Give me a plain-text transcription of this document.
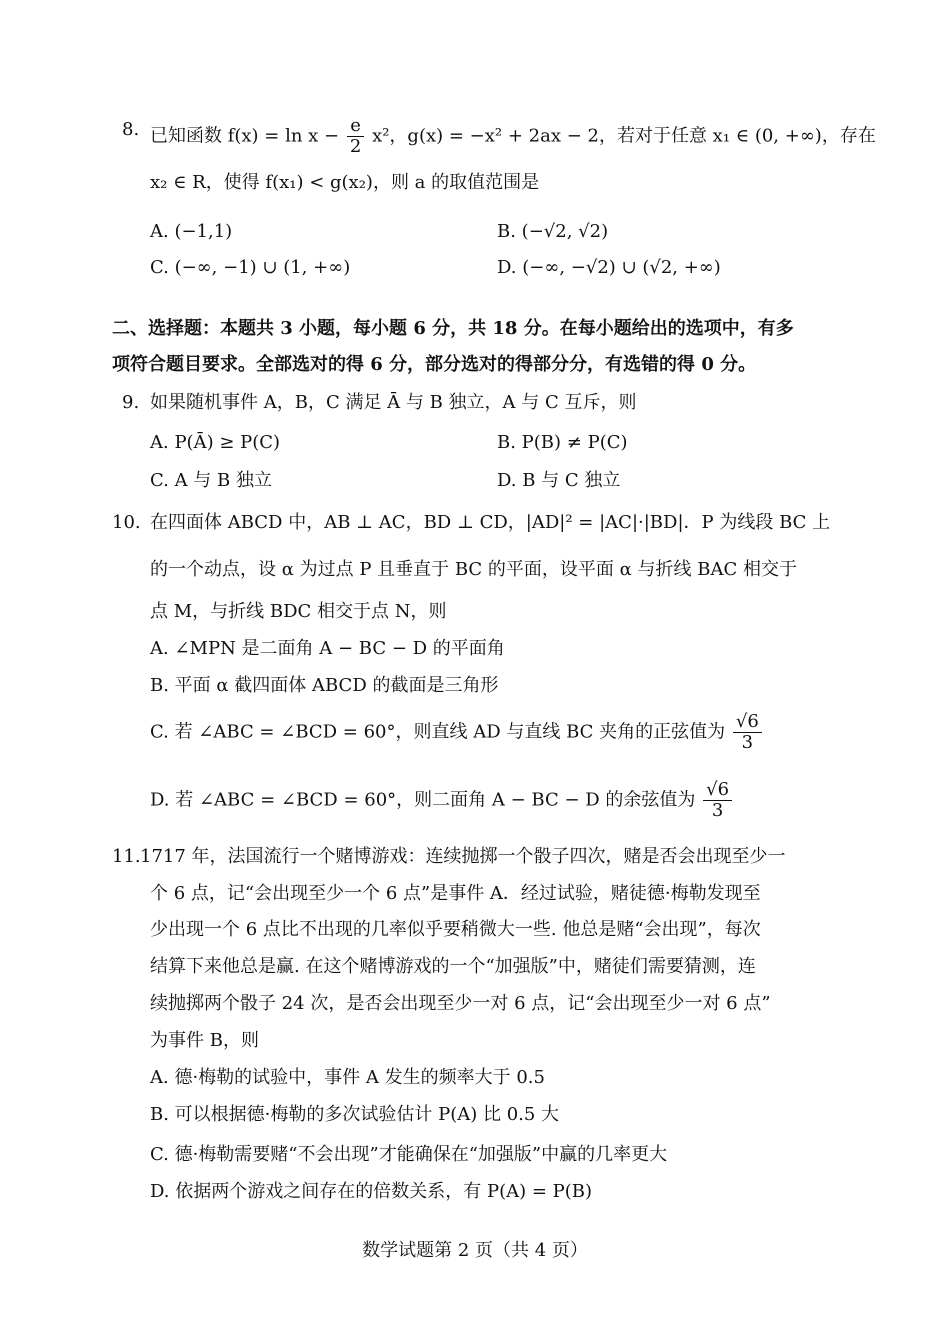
8. 已知函数 $f(x) = \ln x - \frac{e}{2} x^2$，g(x) = −x² + 2ax − 2，若对于任意 x₁ ∈ (0, +∞)，存在
x₂ ∈ R，使得 f(x₁) < g(x₂)，则 a 的取值范围是
A. (−1,1)	B. (−√2, √2)
C. (−∞, −1) ∪ (1, +∞)	D. (−∞, −√2) ∪ (√2, +∞)
二、选择题：本题共 3 小题，每小题 6 分，共 18 分。在每小题给出的选项中，有多
项符合题目要求。全部选对的得 6 分，部分选对的得部分分，有选错的得 0 分。
9. 如果随机事件 A，B，C 满足 Ā 与 B 独立，A 与 C 互斥，则
A. P(Ā) ≥ P(C)	B. P(B) ≠ P(C)
C. A 与 B 独立	D. B 与 C 独立
10. 在四面体 ABCD 中，AB ⊥ AC，BD ⊥ CD，|AD|² = |AC|·|BD|．P 为线段 BC 上
的一个动点，设 α 为过点 P 且垂直于 BC 的平面，设平面 α 与折线 BAC 相交于
点 M，与折线 BDC 相交于点 N，则
A. ∠MPN 是二面角 A − BC − D 的平面角
B. 平面 α 截四面体 ABCD 的截面是三角形
C. 若 ∠ABC = ∠BCD = 60°，则直线 AD 与直线 BC 夹角的正弦值为 $\frac{√6}{3}$
D. 若 ∠ABC = ∠BCD = 60°，则二面角 A − BC − D 的余弦值为 $\frac{√6}{3}$
11. 1717 年，法国流行一个赌博游戏：连续抛掷一个骰子四次，赌是否会出现至少一
个 6 点，记“会出现至少一个 6 点”是事件 A．经过试验，赌徒德·梅勒发现至
少出现一个 6 点比不出现的几率似乎要稍微大一些. 他总是赌“会出现”，每次
结算下来他总是赢. 在这个赌博游戏的一个“加强版”中，赌徒们需要猜测，连
续抛掷两个骰子 24 次，是否会出现至少一对 6 点，记“会出现至少一对 6 点”
为事件 B，则
A. 德·梅勒的试验中，事件 A 发生的频率大于 0.5
B. 可以根据德·梅勒的多次试验估计 P(A) 比 0.5 大
C. 德·梅勒需要赌“不会出现”才能确保在“加强版”中赢的几率更大
D. 依据两个游戏之间存在的倍数关系，有 P(A) = P(B)
数学试题第 2 页（共 4 页）
